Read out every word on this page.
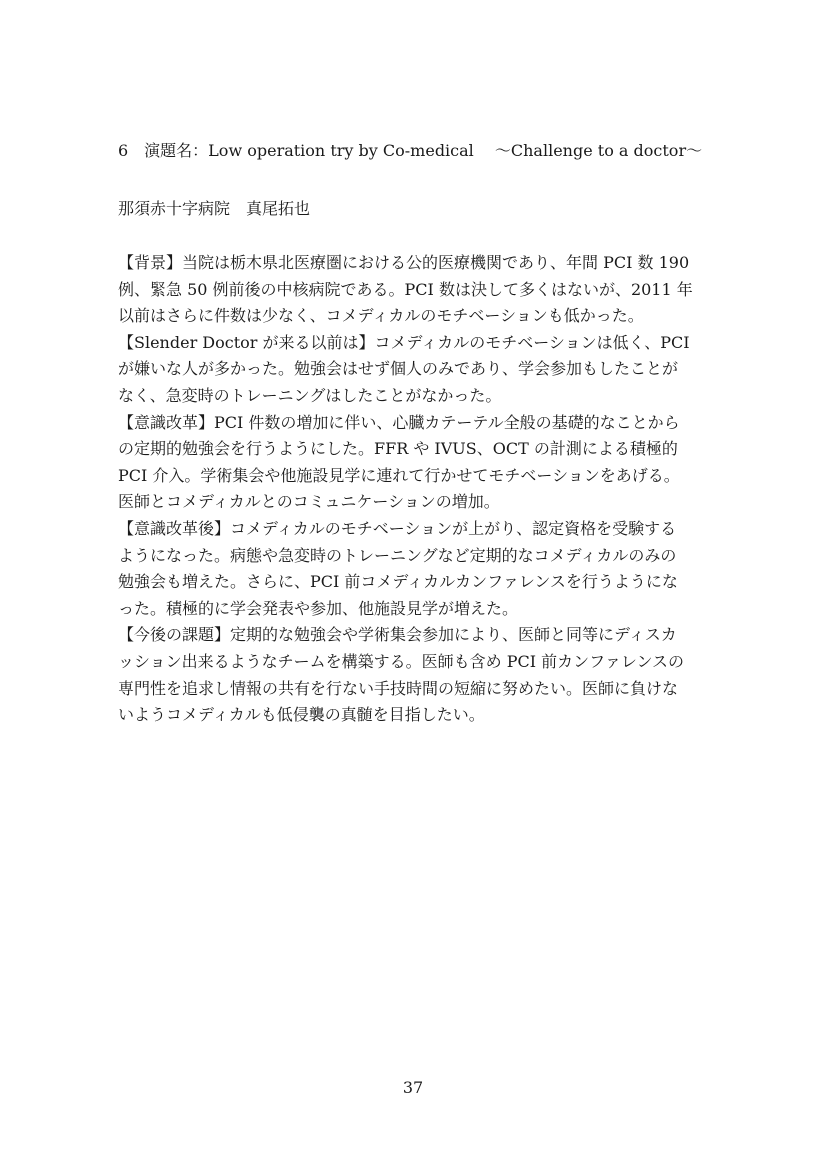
6　演題名：Low operation try by Co-medical 　〜Challenge to a doctor〜
那須赤十字病院　真尾拓也
【背景】当院は栃木県北医療圏における公的医療機関であり、年間 PCI 数 190
例、緊急 50 例前後の中核病院である。PCI 数は決して多くはないが、2011 年
以前はさらに件数は少なく、コメディカルのモチベーションも低かった。
【Slender Doctor が来る以前は】コメディカルのモチベーションは低く、PCI
が嫌いな人が多かった。勉強会はせず個人のみであり、学会参加もしたことが
なく、急変時のトレーニングはしたことがなかった。
【意識改革】PCI 件数の増加に伴い、心臓カテーテル全般の基礎的なことから
の定期的勉強会を行うようにした。FFR や IVUS、OCT の計測による積極的
PCI 介入。学術集会や他施設見学に連れて行かせてモチベーションをあげる。
医師とコメディカルとのコミュニケーションの増加。
【意識改革後】コメディカルのモチベーションが上がり、認定資格を受験する
ようになった。病態や急変時のトレーニングなど定期的なコメディカルのみの
勉強会も増えた。さらに、PCI 前コメディカルカンファレンスを行うようにな
った。積極的に学会発表や参加、他施設見学が増えた。
【今後の課題】定期的な勉強会や学術集会参加により、医師と同等にディスカ
ッション出来るようなチームを構築する。医師も含め PCI 前カンファレンスの
専門性を追求し情報の共有を行ない手技時間の短縮に努めたい。医師に負けな
いようコメディカルも低侵襲の真髄を目指したい。
37
